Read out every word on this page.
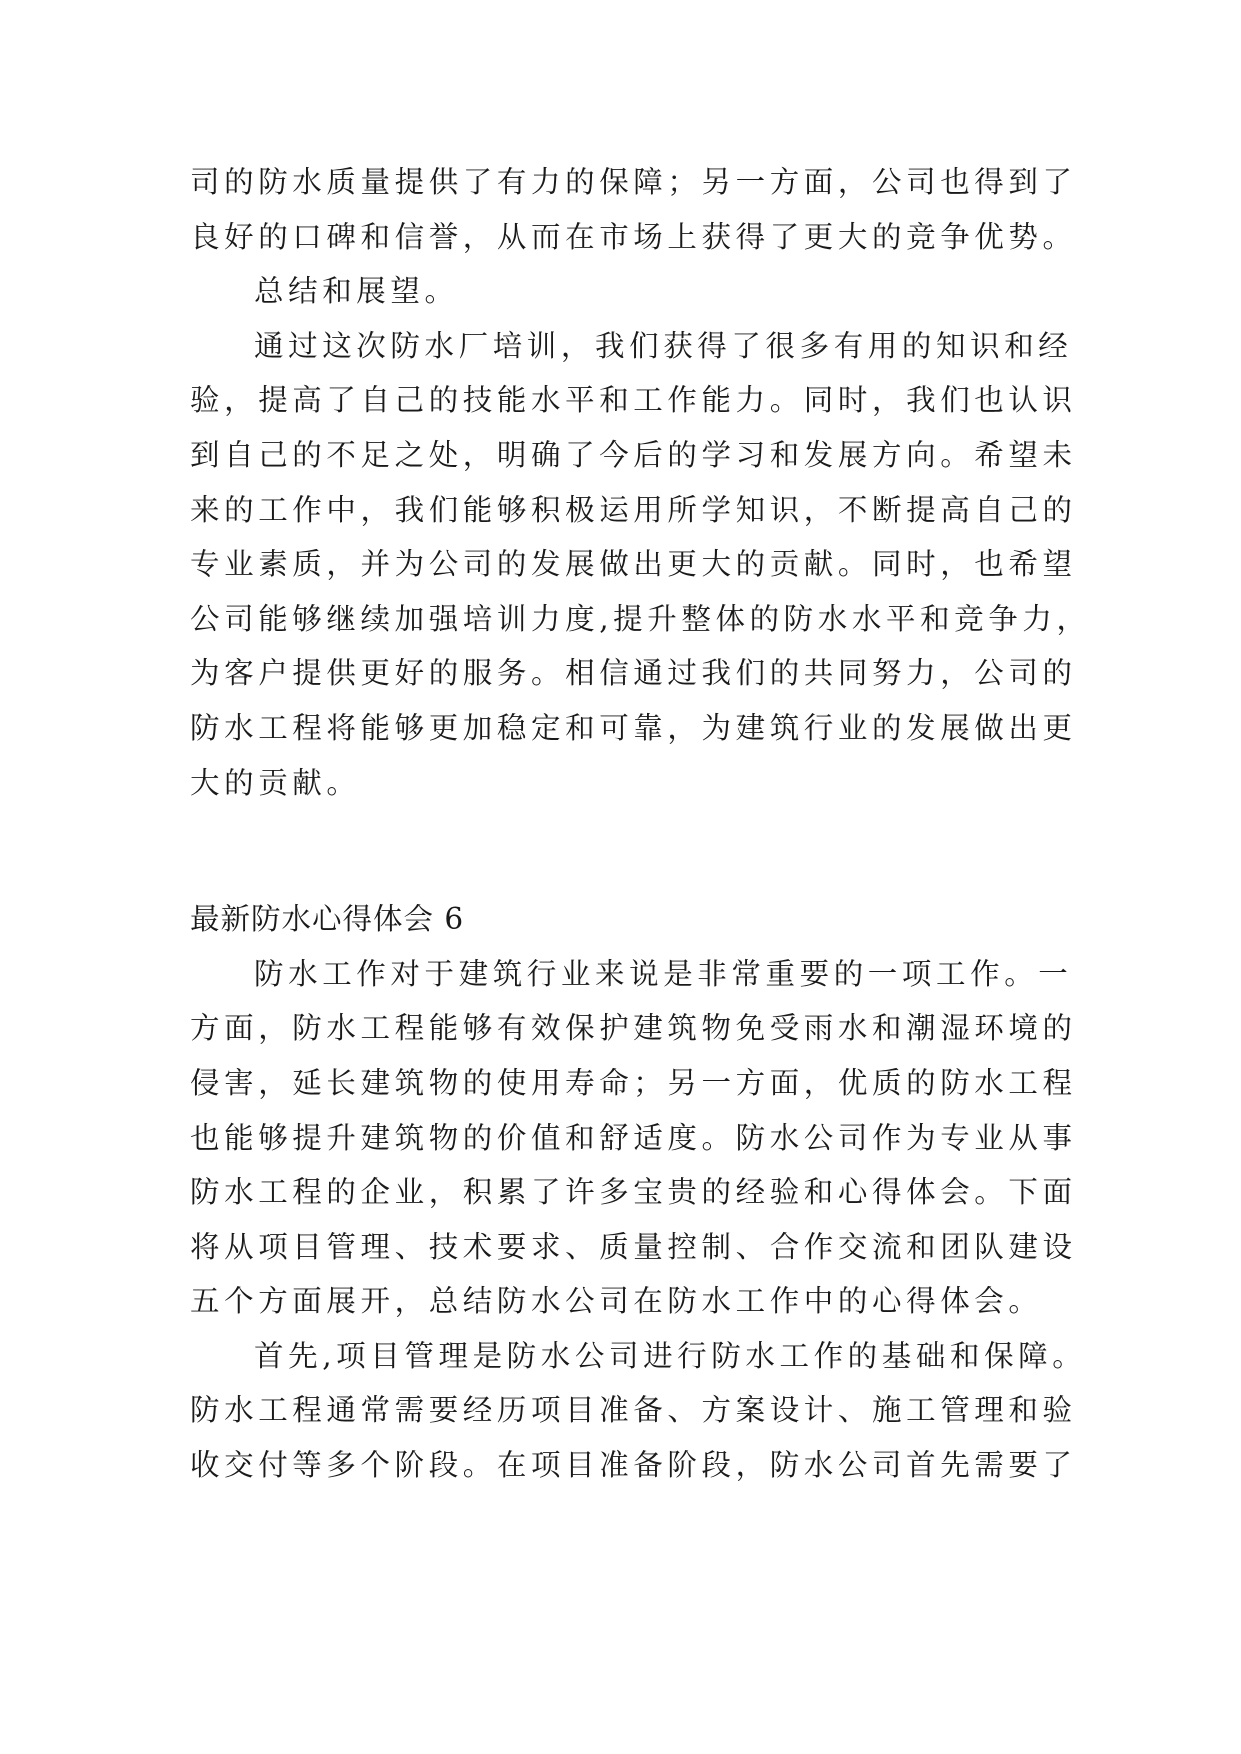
司的防水质量提供了有力的保障；另一方面，公司也得到了
良好的口碑和信誉，从而在市场上获得了更大的竞争优势。
总结和展望。
通过这次防水厂培训，我们获得了很多有用的知识和经
验，提高了自己的技能水平和工作能力。同时，我们也认识
到自己的不足之处，明确了今后的学习和发展方向。希望未
来的工作中，我们能够积极运用所学知识，不断提高自己的
专业素质，并为公司的发展做出更大的贡献。同时，也希望
公司能够继续加强培训力度,提升整体的防水水平和竞争力，
为客户提供更好的服务。相信通过我们的共同努力，公司的
防水工程将能够更加稳定和可靠，为建筑行业的发展做出更
大的贡献。
最新防水心得体会 6
防水工作对于建筑行业来说是非常重要的一项工作。一
方面，防水工程能够有效保护建筑物免受雨水和潮湿环境的
侵害，延长建筑物的使用寿命；另一方面，优质的防水工程
也能够提升建筑物的价值和舒适度。防水公司作为专业从事
防水工程的企业，积累了许多宝贵的经验和心得体会。下面
将从项目管理、技术要求、质量控制、合作交流和团队建设
五个方面展开，总结防水公司在防水工作中的心得体会。
首先,项目管理是防水公司进行防水工作的基础和保障。
防水工程通常需要经历项目准备、方案设计、施工管理和验
收交付等多个阶段。在项目准备阶段，防水公司首先需要了
